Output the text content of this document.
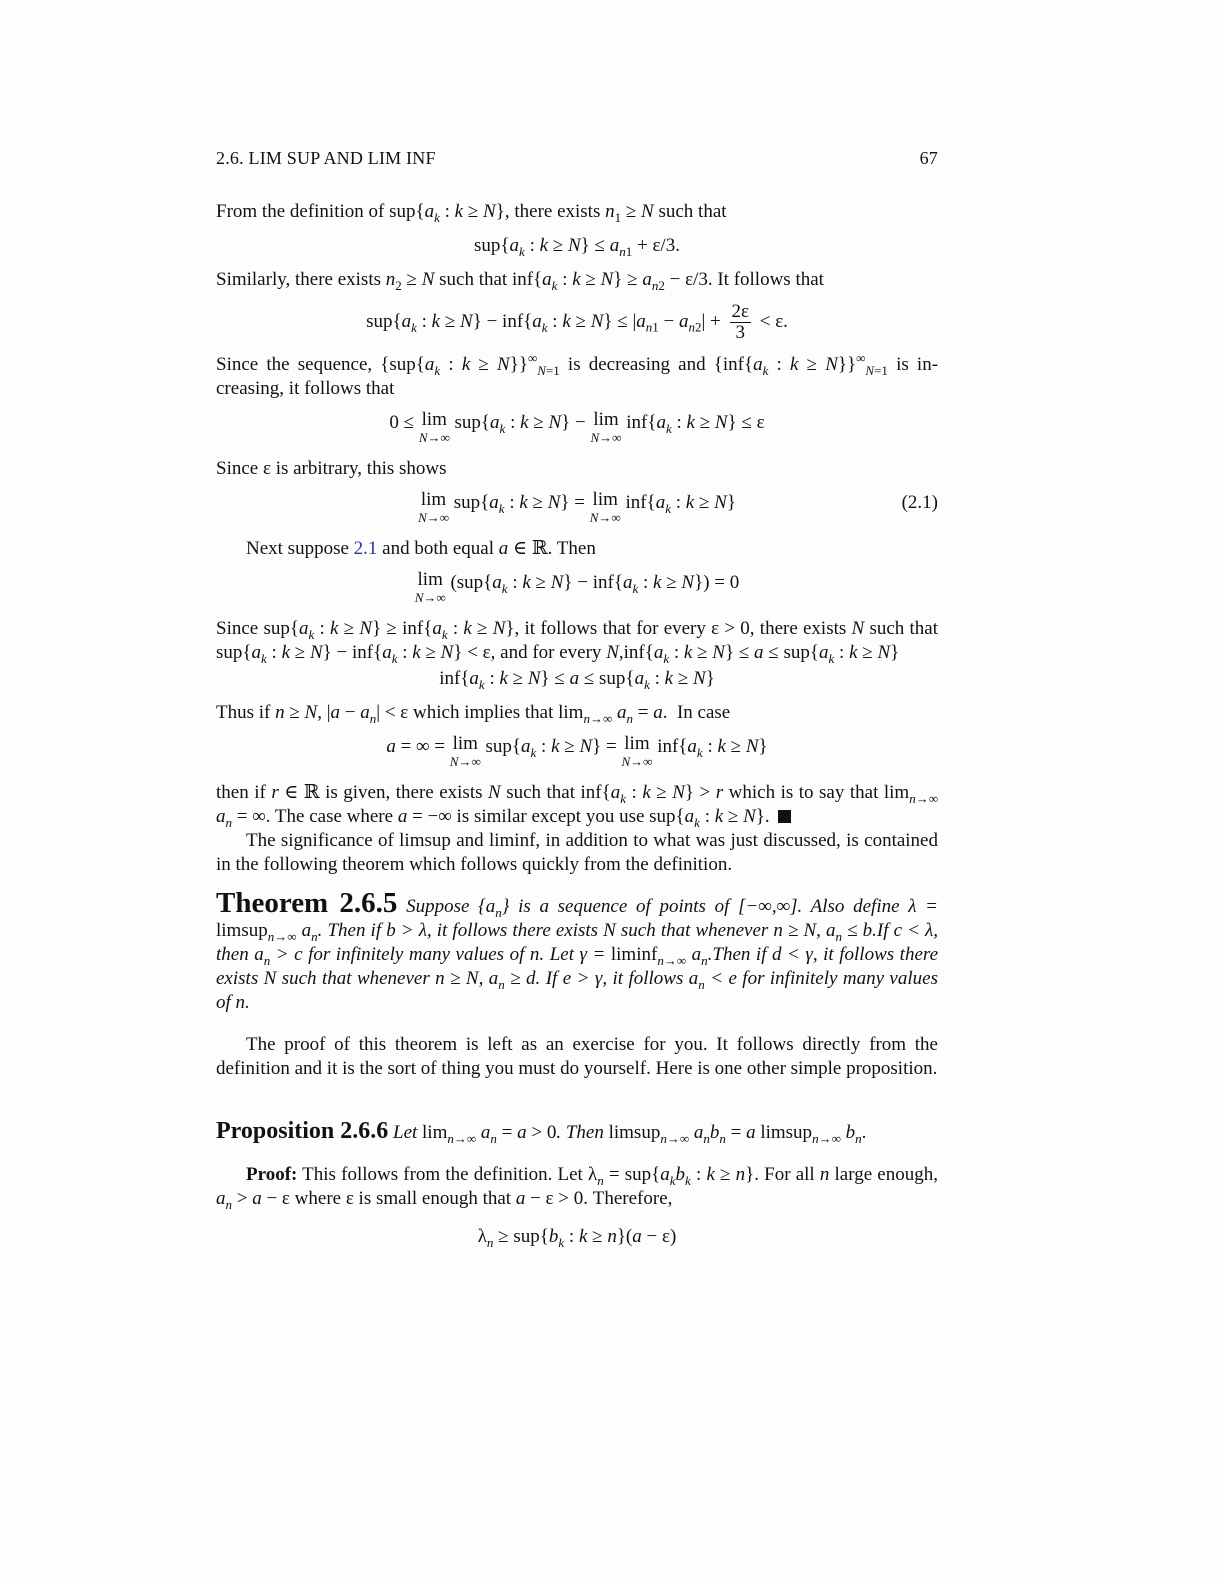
2.6. LIM SUP AND LIM INF	67

From the definition of $sup\{a_k$ : k ≥ N}, there exists $n_1 \ge N$ such that

$sup\{a_k$ : $k \ge N\} \le a_{n1} + \varepsilon/3$.

Similarly, there exists $n_2 \ge N$ such that $inf\{a_k$ : $k \ge N\} \ge a_{n2} - \varepsilon/3$. It follows that

$sup\{a_k$ : $k \ge N\} - inf\{a_k$ : $k \ge N\} \le |a_{n1} - a_{n2}| + \frac{2\varepsilon}{3} < \varepsilon$.

Since the sequence, {$sup\{a_k$ : $k \ge N\}\}^\infty_{N=1}$ is decreasing and {$inf\{a_k$ : $k \ge N\}\}^\infty_{N=1}$ is in-creasing, it follows that

0 ≤ lim
N→∞
$sup\{a_k$ : k ≥ N} − lim
N→∞
$inf\{a_k$ : k ≥ N} ≤ ε

Since ε is arbitrary, this shows

lim
N→∞
$sup\{a_k$ : k ≥ N} = lim
N→∞
$inf\{a_k$ : k ≥ N}	(2.1)

Next suppose 2.1 and both equal a ∈ ℝ. Then

lim
N→∞
($sup\{a_k$ : $k \ge N\} - inf\{a_k$ : k ≥ N}) = 0

Since $sup\{a_k$ : $k \ge N\} \ge inf\{a_k$ : k ≥ N}, it follows that for every ε > 0, there exists N such that $sup\{a_k$ : $k \ge N\} - inf\{a_k$ : k ≥ N} < ε, and for every $N,inf\{a_k$ : $k \ge N\} \le a \le sup\{a_k$ : k ≥ N}

$inf\{a_k$ : $k \ge N\} \le a \le sup\{a_k$ : k ≥ N}

Thus if n ≥ N, $|a - a_n| < \varepsilon$ which implies that $\lim_{n\to\infty} a_n = a$.  In case

a = ∞ = lim
N→∞
$sup\{a_k$ : k ≥ N} = lim
N→∞
$inf\{a_k$ : k ≥ N}

then if r ∈ ℝ is given, there exists N such that $inf\{a_k$ : k ≥ N} > r which is to say that $\lim_{n\to\infty} a_n$ = ∞. The case where a = −∞ is similar except you use $sup\{a_k$ : k ≥ N}.

The significance of limsup and liminf, in addition to what was just discussed, is contained in the following theorem which follows quickly from the definition.

Theorem 2.6.5 Suppose $\{a_n\}$ is a sequence of points of [−∞,∞]. Also define λ = limsup$_{n\to\infty}$ $a_n$. Then if b > λ, it follows there exists N such that whenever n ≥ N, $a_n \le b.If$ c < λ, then $a_n > c$ for infinitely many values of n. Let γ = liminf$_{n\to\infty}$ $a_n.Then$ if d < γ, it follows there exists N such that whenever n ≥ N, $a_n \ge d$. If e > γ, it follows $a_n < e$ for infinitely many values of n.

The proof of this theorem is left as an exercise for you. It follows directly from the definition and it is the sort of thing you must do yourself. Here is one other simple proposition.

Proposition 2.6.6 Let $\lim_{n\to\infty} a_n = a > 0$. Then limsup$_{n\to\infty}$ $a_nb_n = a$ limsup$_{n\to\infty}$ $b_n$.

Proof: This follows from the definition. Let $\lambda_n = sup\{a_kb_k$ : k ≥ n}. For all n large enough, $a_n > a - \varepsilon$ where ε is small enough that a − ε > 0. Therefore,

$\lambda_n \ge sup\{b_k$ : k ≥ n}(a − ε)
